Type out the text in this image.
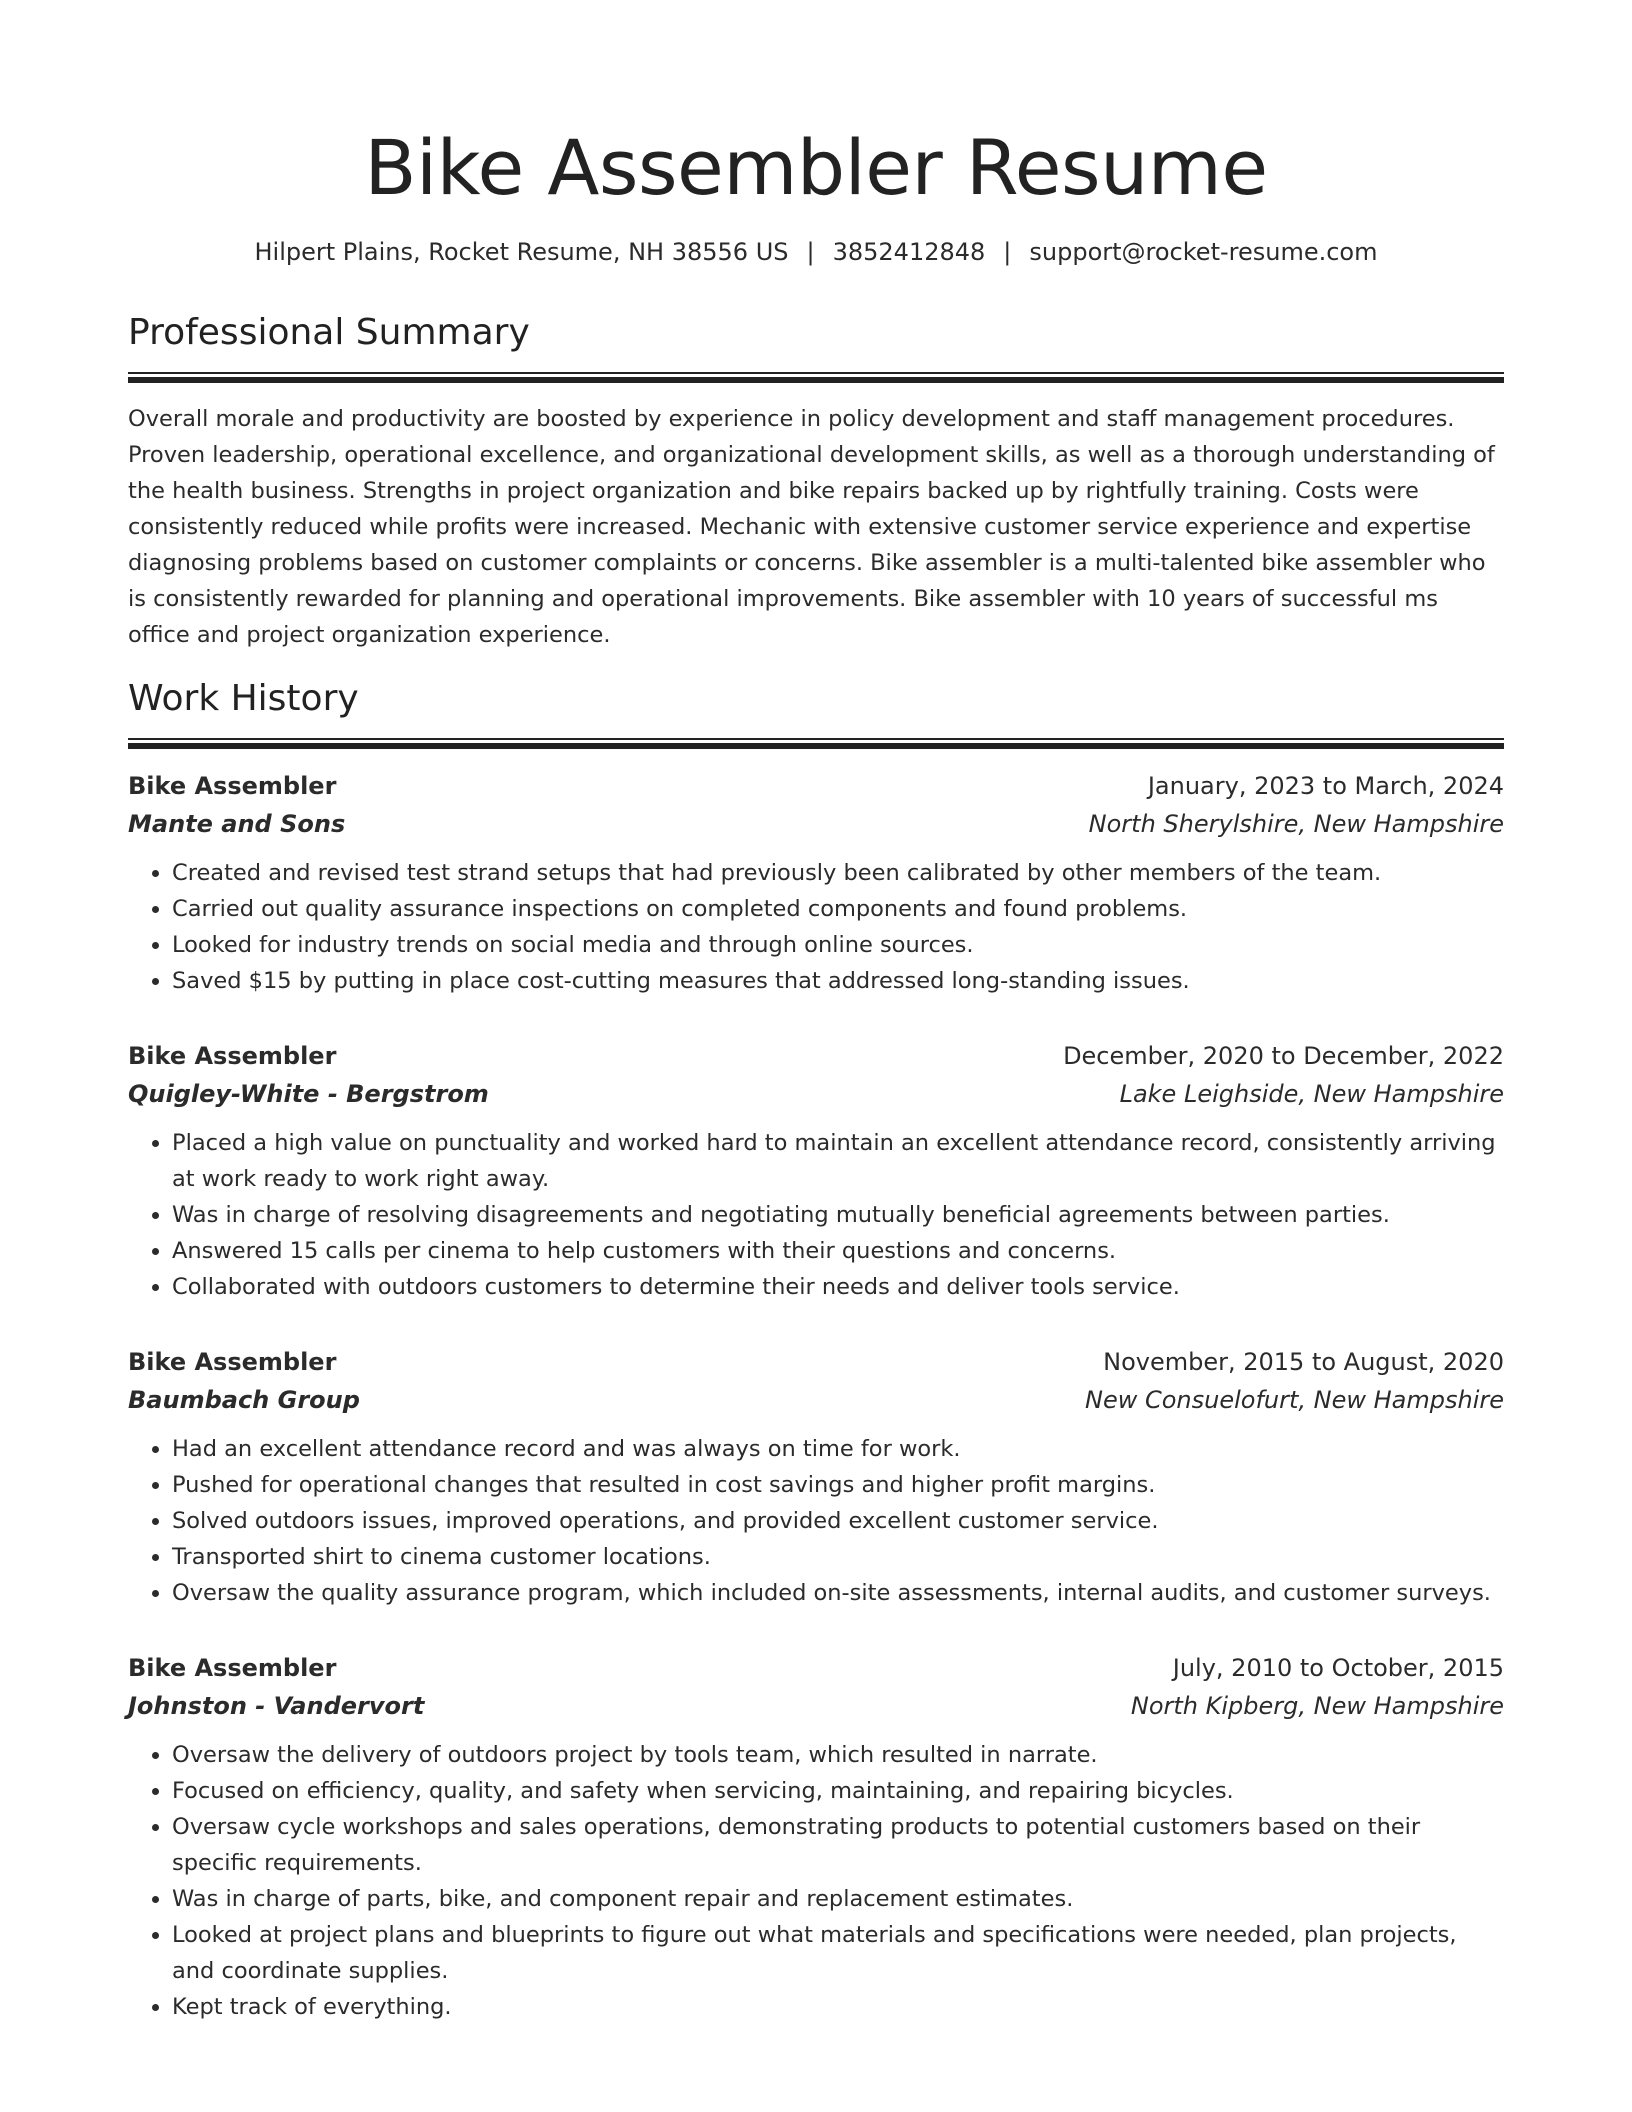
Bike Assembler Resume
Hilpert Plains, Rocket Resume, NH 38556 US | 3852412848 | support@rocket-resume.com
Professional Summary

Overall morale and productivity are boosted by experience in policy development and staff management procedures. Proven leadership, operational excellence, and organizational development skills, as well as a thorough understanding of the health business. Strengths in project organization and bike repairs backed up by rightfully training. Costs were consistently reduced while profits were increased. Mechanic with extensive customer service experience and expertise diagnosing problems based on customer complaints or concerns. Bike assembler is a multi-talented bike assembler who is consistently rewarded for planning and operational improvements. Bike assembler with 10 years of successful ms office and project organization experience.

Work History
Bike Assembler	January, 2023 to March, 2024
Mante and Sons	North Sherylshire, New Hampshire
• Created and revised test strand setups that had previously been calibrated by other members of the team.
• Carried out quality assurance inspections on completed components and found problems.
• Looked for industry trends on social media and through online sources.
• Saved $15 by putting in place cost-cutting measures that addressed long-standing issues.
Bike Assembler	December, 2020 to December, 2022
Quigley-White - Bergstrom	Lake Leighside, New Hampshire
• Placed a high value on punctuality and worked hard to maintain an excellent attendance record, consistently arriving at work ready to work right away.
• Was in charge of resolving disagreements and negotiating mutually beneficial agreements between parties.
• Answered 15 calls per cinema to help customers with their questions and concerns.
• Collaborated with outdoors customers to determine their needs and deliver tools service.
Bike Assembler	November, 2015 to August, 2020
Baumbach Group	New Consuelofurt, New Hampshire
• Had an excellent attendance record and was always on time for work.
• Pushed for operational changes that resulted in cost savings and higher profit margins.
• Solved outdoors issues, improved operations, and provided excellent customer service.
• Transported shirt to cinema customer locations.
• Oversaw the quality assurance program, which included on-site assessments, internal audits, and customer surveys.
Bike Assembler	July, 2010 to October, 2015
Johnston - Vandervort	North Kipberg, New Hampshire
• Oversaw the delivery of outdoors project by tools team, which resulted in narrate.
• Focused on efficiency, quality, and safety when servicing, maintaining, and repairing bicycles.
• Oversaw cycle workshops and sales operations, demonstrating products to potential customers based on their specific requirements.
• Was in charge of parts, bike, and component repair and replacement estimates.
• Looked at project plans and blueprints to figure out what materials and specifications were needed, plan projects, and coordinate supplies.
• Kept track of everything.
